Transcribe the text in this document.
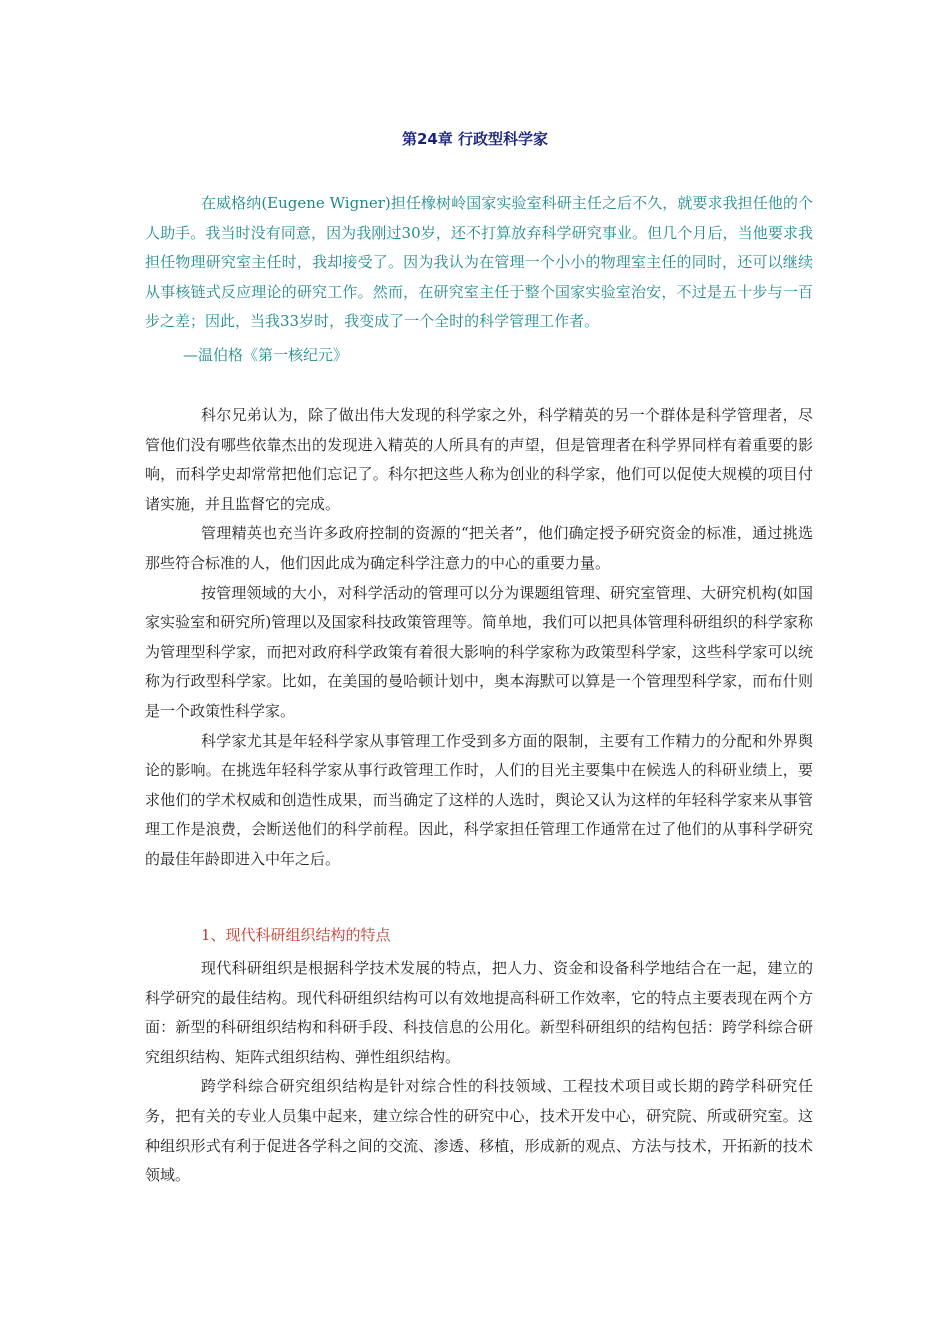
第24章 行政型科学家
在威格纳(Eugene Wigner)担任橡树岭国家实验室科研主任之后不久，就要求我担任他的个人助手。我当时没有同意，因为我刚过30岁，还不打算放弃科学研究事业。但几个月后，当他要求我担任物理研究室主任时，我却接受了。因为我认为在管理一个小小的物理室主任的同时，还可以继续从事核链式反应理论的研究工作。然而，在研究室主任于整个国家实验室治安，不过是五十步与一百步之差；因此，当我33岁时，我变成了一个全时的科学管理工作者。
—温伯格《第一核纪元》
科尔兄弟认为，除了做出伟大发现的科学家之外，科学精英的另一个群体是科学管理者，尽管他们没有哪些依靠杰出的发现进入精英的人所具有的声望，但是管理者在科学界同样有着重要的影响，而科学史却常常把他们忘记了。科尔把这些人称为创业的科学家，他们可以促使大规模的项目付诸实施，并且监督它的完成。
管理精英也充当许多政府控制的资源的“把关者”，他们确定授予研究资金的标准，通过挑选那些符合标准的人，他们因此成为确定科学注意力的中心的重要力量。
按管理领域的大小，对科学活动的管理可以分为课题组管理、研究室管理、大研究机构(如国家实验室和研究所)管理以及国家科技政策管理等。简单地，我们可以把具体管理科研组织的科学家称为管理型科学家，而把对政府科学政策有着很大影响的科学家称为政策型科学家，这些科学家可以统称为行政型科学家。比如，在美国的曼哈顿计划中，奥本海默可以算是一个管理型科学家，而布什则是一个政策性科学家。
科学家尤其是年轻科学家从事管理工作受到多方面的限制，主要有工作精力的分配和外界舆论的影响。在挑选年轻科学家从事行政管理工作时，人们的目光主要集中在候选人的科研业绩上，要求他们的学术权威和创造性成果，而当确定了这样的人选时，舆论又认为这样的年轻科学家来从事管理工作是浪费，会断送他们的科学前程。因此，科学家担任管理工作通常在过了他们的从事科学研究的最佳年龄即进入中年之后。
1、现代科研组织结构的特点
现代科研组织是根据科学技术发展的特点，把人力、资金和设备科学地结合在一起，建立的科学研究的最佳结构。现代科研组织结构可以有效地提高科研工作效率，它的特点主要表现在两个方面：新型的科研组织结构和科研手段、科技信息的公用化。新型科研组织的结构包括：跨学科综合研究组织结构、矩阵式组织结构、弹性组织结构。
跨学科综合研究组织结构是针对综合性的科技领域、工程技术项目或长期的跨学科研究任务，把有关的专业人员集中起来，建立综合性的研究中心，技术开发中心，研究院、所或研究室。这种组织形式有利于促进各学科之间的交流、渗透、移植，形成新的观点、方法与技术，开拓新的技术领域。
